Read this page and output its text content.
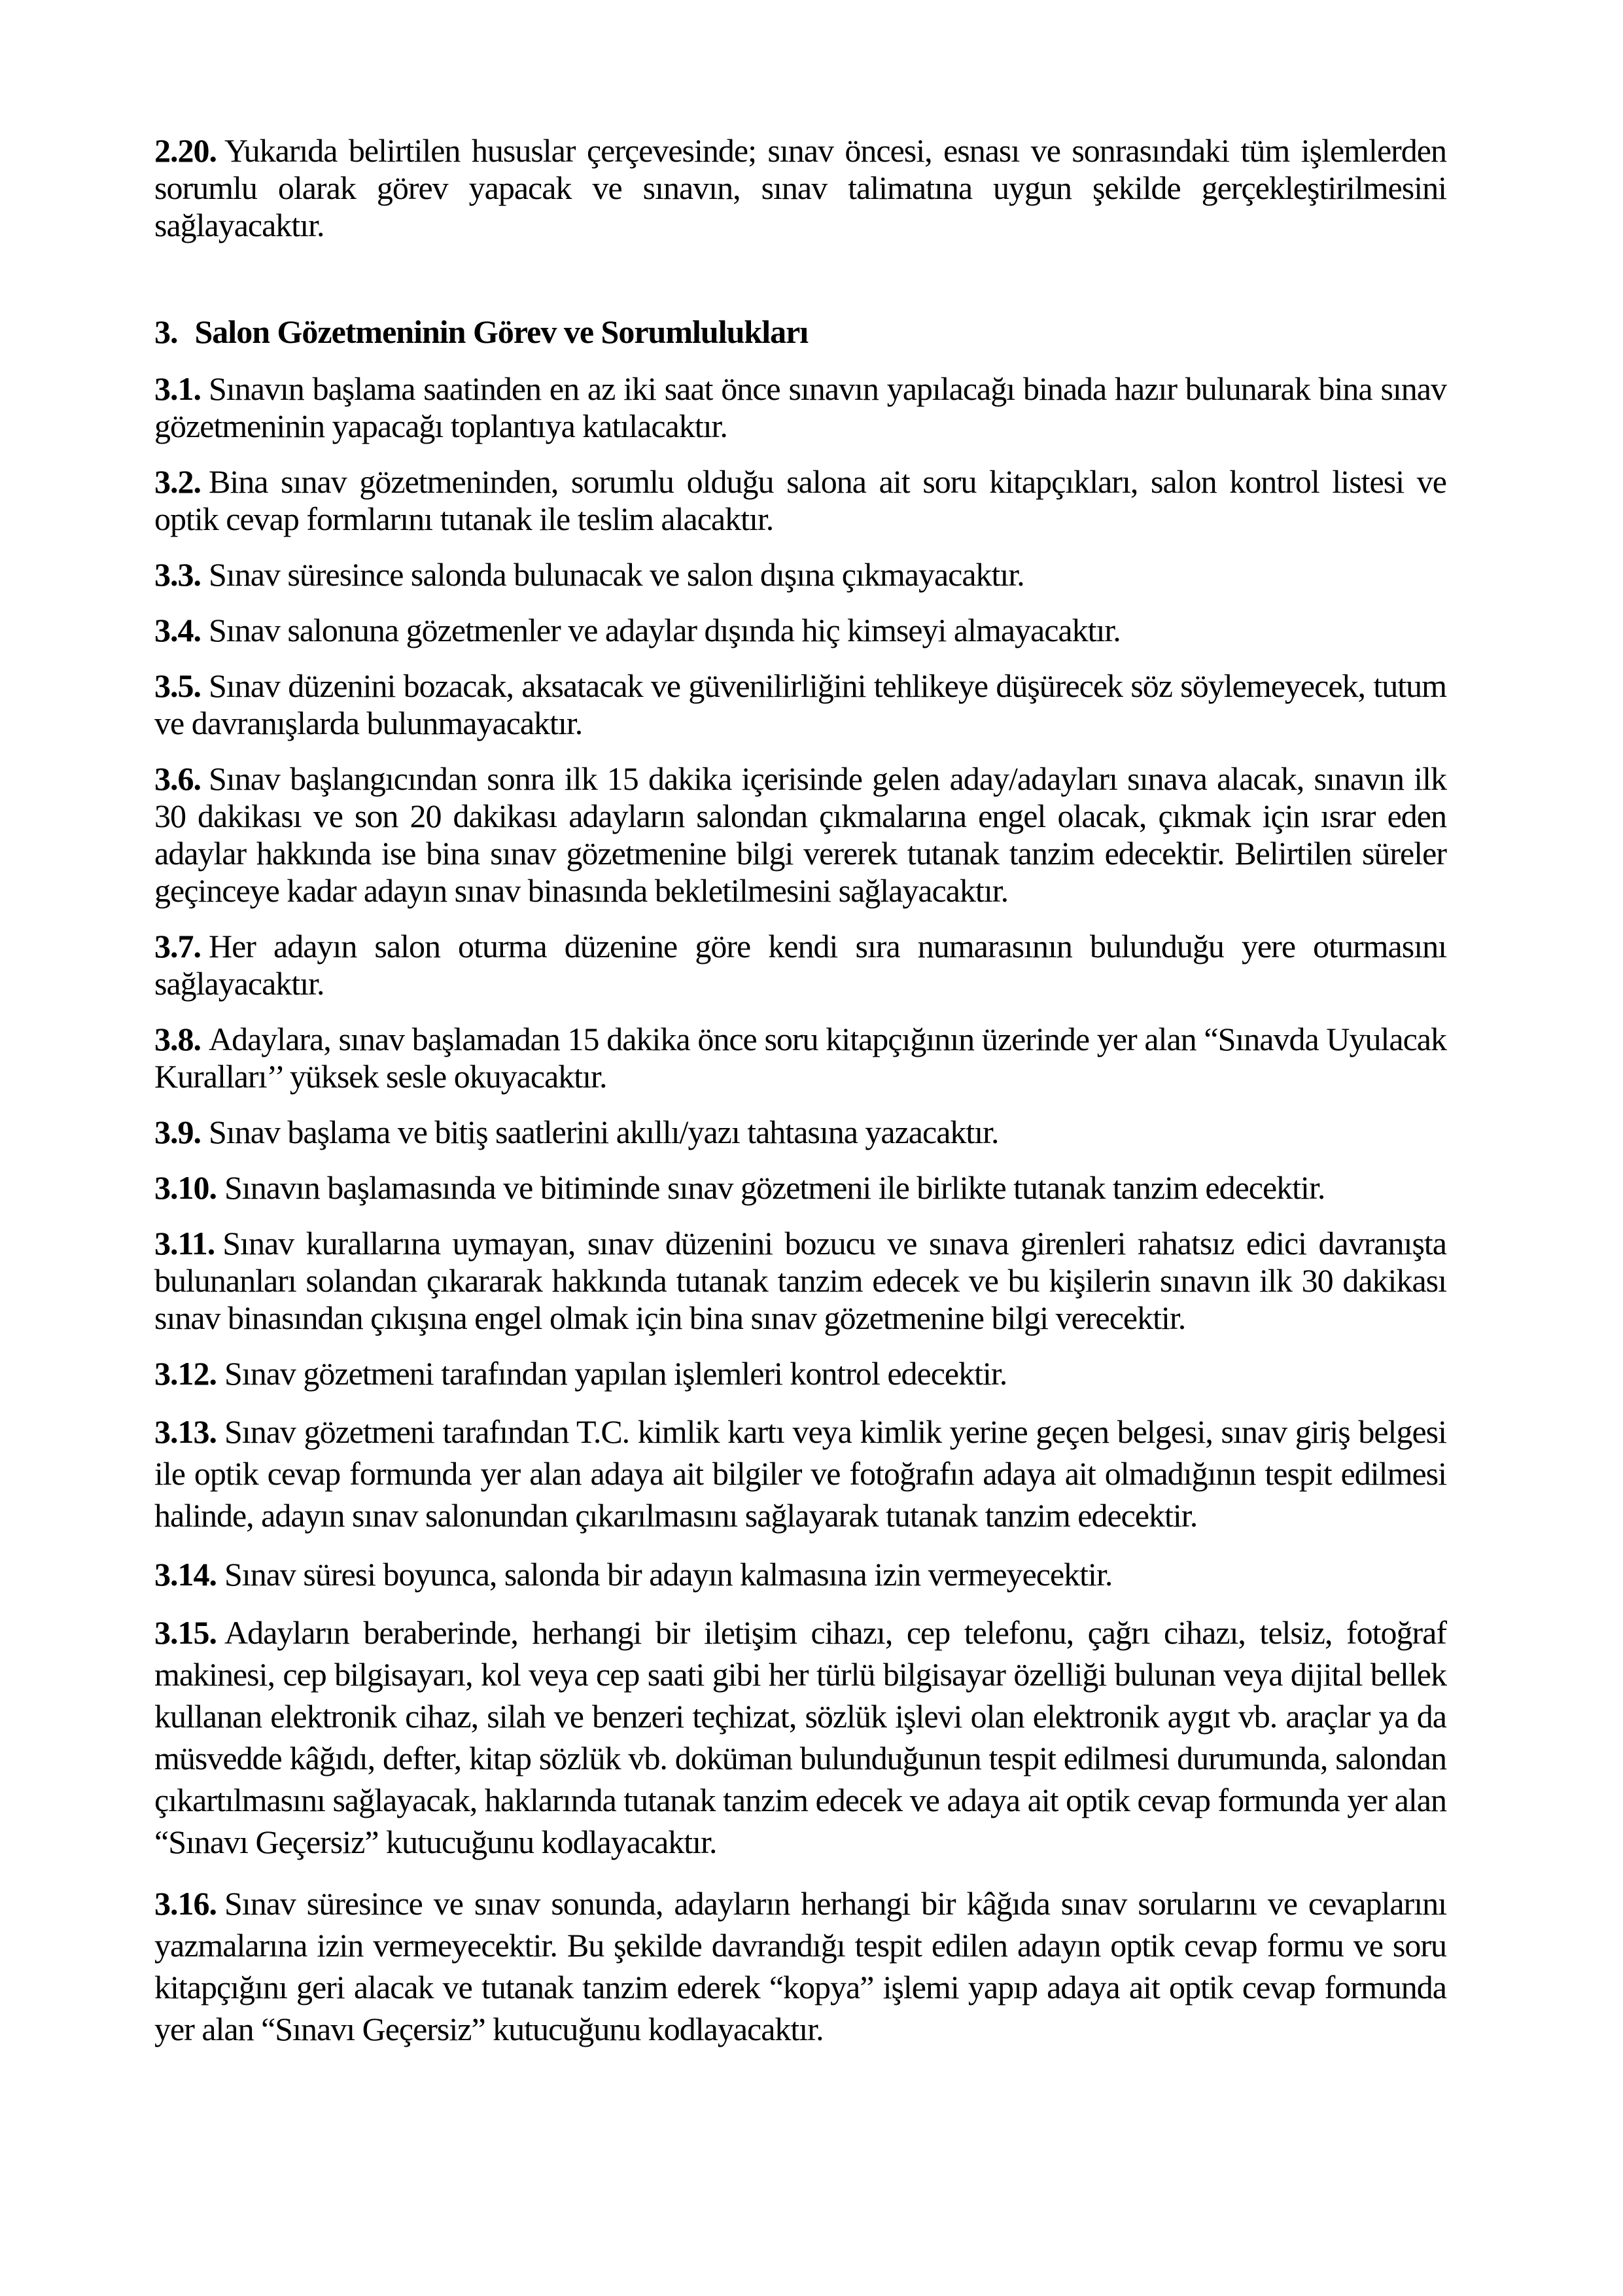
2.20. Yukarıda belirtilen hususlar çerçevesinde; sınav öncesi, esnası ve sonrasındaki tüm işlemlerden sorumlu olarak görev yapacak ve sınavın, sınav talimatına uygun şekilde gerçekleştirilmesini sağlayacaktır.

3. Salon Gözetmeninin Görev ve Sorumlulukları

3.1. Sınavın başlama saatinden en az iki saat önce sınavın yapılacağı binada hazır bulunarak bina sınav gözetmeninin yapacağı toplantıya katılacaktır.

3.2. Bina sınav gözetmeninden, sorumlu olduğu salona ait soru kitapçıkları, salon kontrol listesi ve optik cevap formlarını tutanak ile teslim alacaktır.

3.3. Sınav süresince salonda bulunacak ve salon dışına çıkmayacaktır.

3.4. Sınav salonuna gözetmenler ve adaylar dışında hiç kimseyi almayacaktır.

3.5. Sınav düzenini bozacak, aksatacak ve güvenilirliğini tehlikeye düşürecek söz söylemeyecek, tutum ve davranışlarda bulunmayacaktır.

3.6. Sınav başlangıcından sonra ilk 15 dakika içerisinde gelen aday/adayları sınava alacak, sınavın ilk 30 dakikası ve son 20 dakikası adayların salondan çıkmalarına engel olacak, çıkmak için ısrar eden adaylar hakkında ise bina sınav gözetmenine bilgi vererek tutanak tanzim edecektir. Belirtilen süreler geçinceye kadar adayın sınav binasında bekletilmesini sağlayacaktır.

3.7. Her adayın salon oturma düzenine göre kendi sıra numarasının bulunduğu yere oturmasını sağlayacaktır.

3.8. Adaylara, sınav başlamadan 15 dakika önce soru kitapçığının üzerinde yer alan “Sınavda Uyulacak Kuralları’’ yüksek sesle okuyacaktır.

3.9. Sınav başlama ve bitiş saatlerini akıllı/yazı tahtasına yazacaktır.

3.10. Sınavın başlamasında ve bitiminde sınav gözetmeni ile birlikte tutanak tanzim edecektir.

3.11. Sınav kurallarına uymayan, sınav düzenini bozucu ve sınava girenleri rahatsız edici davranışta bulunanları solandan çıkararak hakkında tutanak tanzim edecek ve bu kişilerin sınavın ilk 30 dakikası sınav binasından çıkışına engel olmak için bina sınav gözetmenine bilgi verecektir.

3.12. Sınav gözetmeni tarafından yapılan işlemleri kontrol edecektir.

3.13. Sınav gözetmeni tarafından T.C. kimlik kartı veya kimlik yerine geçen belgesi, sınav giriş belgesi ile optik cevap formunda yer alan adaya ait bilgiler ve fotoğrafın adaya ait olmadığının tespit edilmesi halinde, adayın sınav salonundan çıkarılmasını sağlayarak tutanak tanzim edecektir.

3.14. Sınav süresi boyunca, salonda bir adayın kalmasına izin vermeyecektir.

3.15. Adayların beraberinde, herhangi bir iletişim cihazı, cep telefonu, çağrı cihazı, telsiz, fotoğraf makinesi, cep bilgisayarı, kol veya cep saati gibi her türlü bilgisayar özelliği bulunan veya dijital bellek kullanan elektronik cihaz, silah ve benzeri teçhizat, sözlük işlevi olan elektronik aygıt vb. araçlar ya da müsvedde kâğıdı, defter, kitap sözlük vb. doküman bulunduğunun tespit edilmesi durumunda, salondan çıkartılmasını sağlayacak, haklarında tutanak tanzim edecek ve adaya ait optik cevap formunda yer alan “Sınavı Geçersiz” kutucuğunu kodlayacaktır.

3.16. Sınav süresince ve sınav sonunda, adayların herhangi bir kâğıda sınav sorularını ve cevaplarını yazmalarına izin vermeyecektir. Bu şekilde davrandığı tespit edilen adayın optik cevap formu ve soru kitapçığını geri alacak ve tutanak tanzim ederek “kopya” işlemi yapıp adaya ait optik cevap formunda yer alan “Sınavı Geçersiz” kutucuğunu kodlayacaktır.
